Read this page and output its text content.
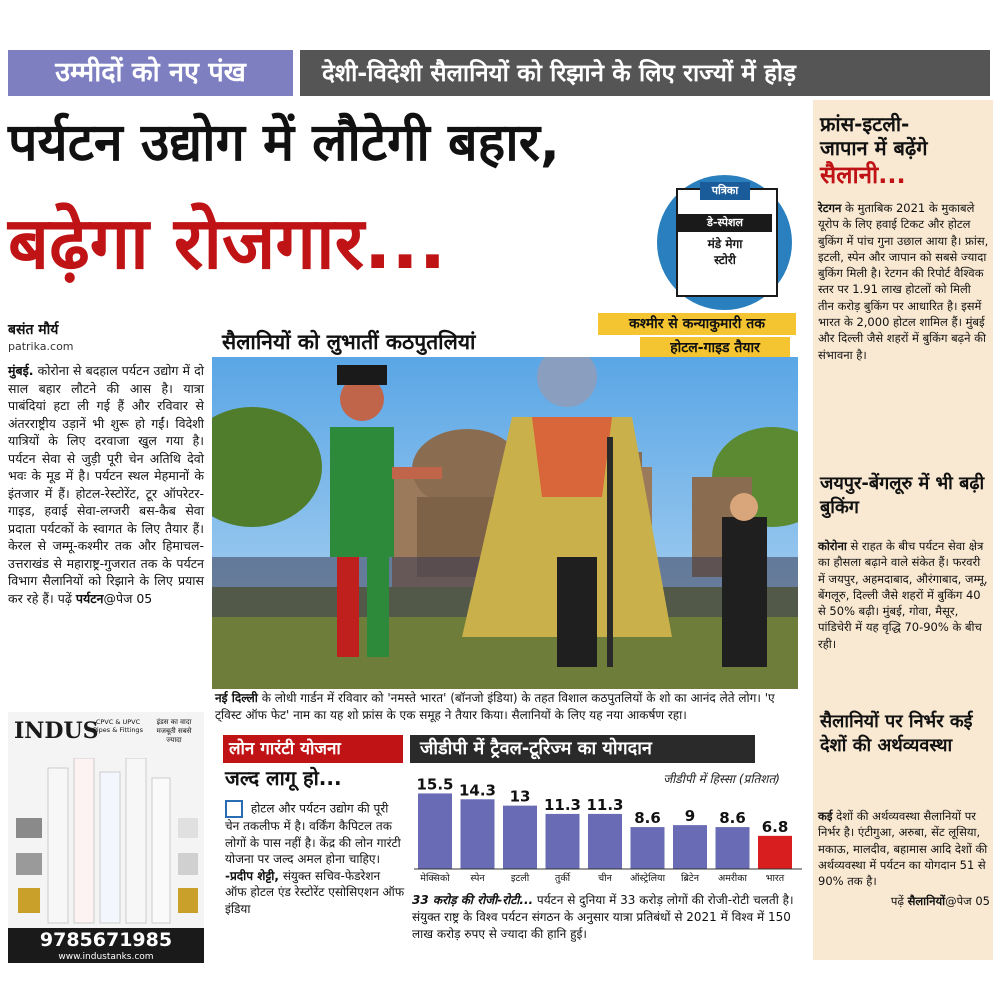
उम्मीदों को नए पंख	देशी-विदेशी सैलानियों को रिझाने के लिए राज्यों में होड़
पर्यटन उद्योग में लौटेगी बहार,
बढ़ेगा रोजगार...
पत्रिका
डे-स्पेशल
मंडे मेगा
स्टोरी
कश्मीर से कन्याकुमारी तक
होटल-गाइड तैयार
बसंत मौर्य
patrika.com	सैलानियों को लुभातीं कठपुतलियां
मुंबई. कोरोना से बदहाल पर्यटन उद्योग में दो साल बहार लौटने की आस है। यात्रा पाबंदियां हटा ली गई हैं और रविवार से अंतरराष्ट्रीय उड़ानें भी शुरू हो गईं। विदेशी यात्रियों के लिए दरवाजा खुल गया है। पर्यटन सेवा से जुड़ी पूरी चेन अतिथि देवो भवः के मूड में है। पर्यटन स्थल मेहमानों के इंतजार में हैं। होटल-रेस्टोरेंट, टूर ऑपरेटर-गाइड, हवाई सेवा-लग्जरी बस-कैब सेवा प्रदाता पर्यटकों के स्वागत के लिए तैयार हैं। केरल से जम्मू-कश्मीर तक और हिमाचल-उत्तराखंड से महाराष्ट्र-गुजरात तक के पर्यटन विभाग सैलानियों को रिझाने के लिए प्रयास कर रहे हैं। पढ़ें पर्यटन@पेज 05
नई दिल्ली के लोधी गार्डन में रविवार को 'नमस्ते भारत' (बॉनजो इंडिया) के तहत विशाल कठपुतलियों के शो का आनंद लेते लोग। 'ए ट्विस्ट ऑफ फेट' नाम का यह शो फ्रांस के एक समूह ने तैयार किया। सैलानियों के लिए यह नया आकर्षण रहा।
INDUS
CPVC & UPVC Pipes & Fittings
इंडस का वादा मजबूती सबसे ज्यादा
9785671985
www.industanks.com
लोन गारंटी योजना
जल्द लागू हो...
होटल और पर्यटन उद्योग की पूरी चेन तकलीफ में है। वर्किंग कैपिटल तक लोगों के पास नहीं है। केंद्र की लोन गारंटी योजना पर जल्द अमल होना चाहिए।
-प्रदीप शेट्टी, संयुक्त सचिव-फेडरेशन ऑफ होटल एंड रेस्टोरेंट एसोसिएशन ऑफ इंडिया
जीडीपी में ट्रैवल-टूरिज्म का योगदान
जीडीपी में हिस्सा (प्रतिशत)
15.5
मेक्सिको
14.3
स्पेन
13
इटली
11.3
तुर्की
11.3
चीन
8.6
ऑस्ट्रेलिया
9
ब्रिटेन
8.6
अमरीका
6.8
भारत
33 करोड़ की रोजी-रोटी... पर्यटन से दुनिया में 33 करोड़ लोगों की रोजी-रोटी चलती है। संयुक्त राष्ट्र के विश्व पर्यटन संगठन के अनुसार यात्रा प्रतिबंधों से 2021 में विश्व में 150 लाख करोड़ रुपए से ज्यादा की हानि हुई।
फ्रांस-इटली-
जापान में बढ़ेंगे
सैलानी...
रेटगन के मुताबिक 2021 के मुकाबले यूरोप के लिए हवाई टिकट और होटल बुकिंग में पांच गुना उछाल आया है। फ्रांस, इटली, स्पेन और जापान को सबसे ज्यादा बुकिंग मिली है। रेटगन की रिपोर्ट वैश्विक स्तर पर 1.91 लाख होटलों को मिली तीन करोड़ बुकिंग पर आधारित है। इसमें भारत के 2,000 होटल शामिल हैं। मुंबई और दिल्ली जैसे शहरों में बुकिंग बढ़ने की संभावना है।
जयपुर-बेंगलूरु में भी बढ़ी बुकिंग
कोरोना से राहत के बीच पर्यटन सेवा क्षेत्र का हौसला बढ़ाने वाले संकेत हैं। फरवरी में जयपुर, अहमदाबाद, औरंगाबाद, जम्मू, बेंगलूरु, दिल्ली जैसे शहरों में बुकिंग 40 से 50% बढ़ी। मुंबई, गोवा, मैसूर, पांडिचेरी में यह वृद्धि 70-90% के बीच रही।
सैलानियों पर निर्भर कई देशों की अर्थव्यवस्था
कई देशों की अर्थव्यवस्था सैलानियों पर निर्भर है। एंटीगुआ, अरुबा, सेंट लूसिया, मकाऊ, मालदीव, बहामास आदि देशों की अर्थव्यवस्था में पर्यटन का योगदान 51 से 90% तक है।
पढ़ें सैलानियों@पेज 05
